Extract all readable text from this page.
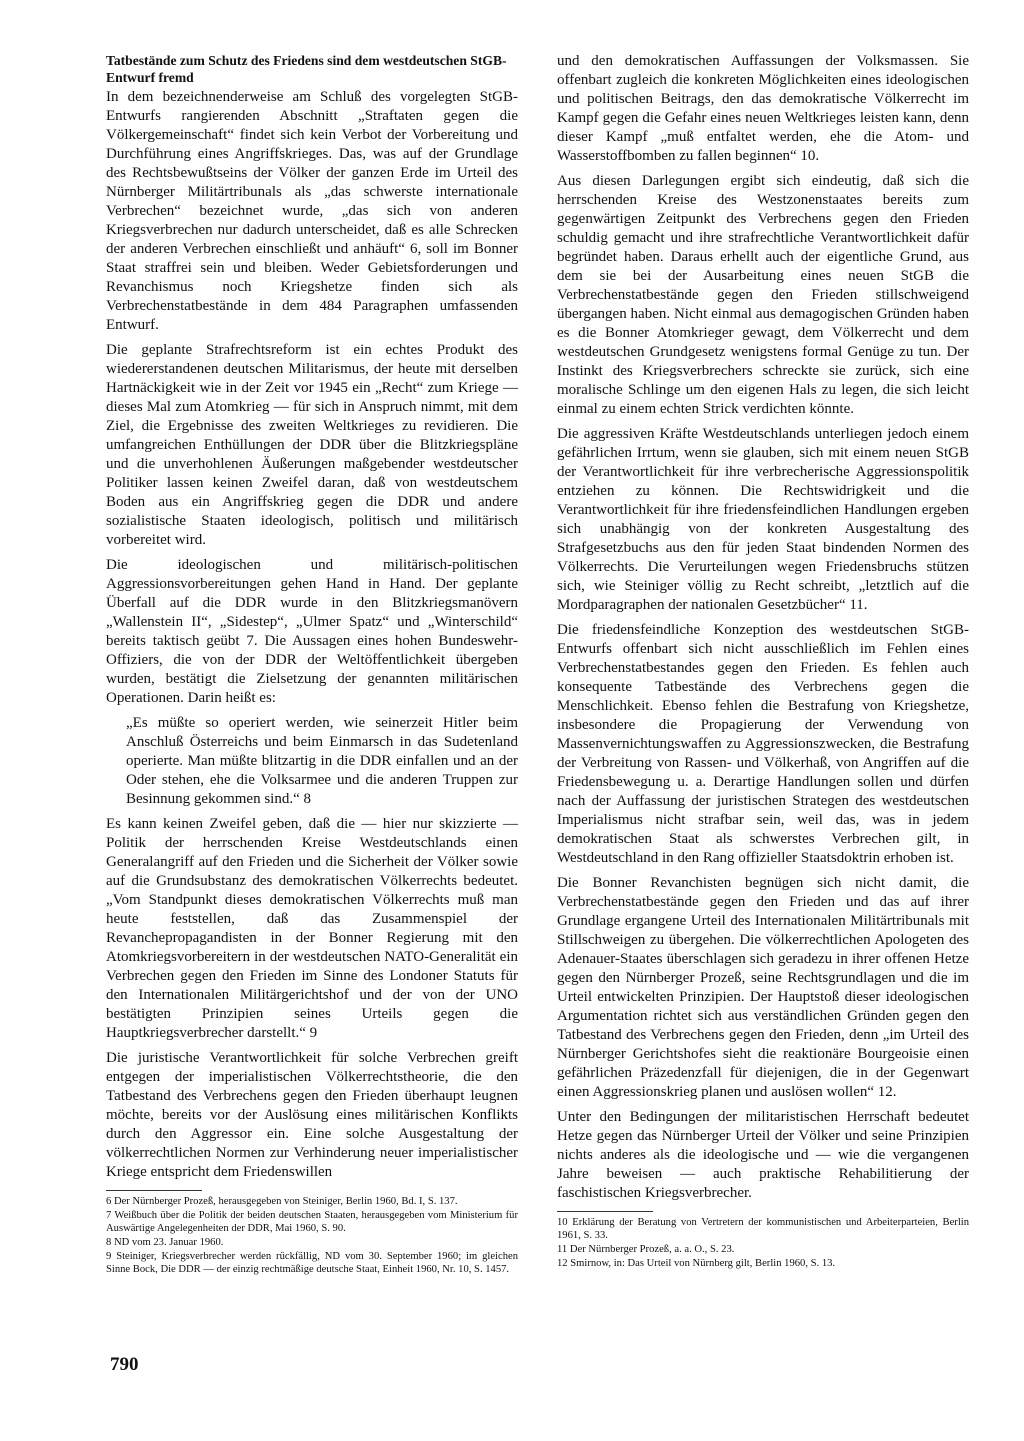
Tatbestände zum Schutz des Friedens sind dem westdeutschen StGB-Entwurf fremd

In dem bezeichnenderweise am Schluß des vorgelegten StGB-Entwurfs rangierenden Abschnitt „Straftaten gegen die Völkergemeinschaft“ findet sich kein Verbot der Vorbereitung und Durchführung eines Angriffskrieges. Das, was auf der Grundlage des Rechtsbewußtseins der Völker der ganzen Erde im Urteil des Nürnberger Militärtribunals als „das schwerste internationale Verbrechen“ bezeichnet wurde, „das sich von anderen Kriegsverbrechen nur dadurch unterscheidet, daß es alle Schrecken der anderen Verbrechen einschließt und anhäuft“ 6, soll im Bonner Staat straffrei sein und bleiben. Weder Gebietsforderungen und Revanchismus noch Kriegshetze finden sich als Verbrechenstatbestände in dem 484 Paragraphen umfassenden Entwurf.

Die geplante Strafrechtsreform ist ein echtes Produkt des wiedererstandenen deutschen Militarismus, der heute mit derselben Hartnäckigkeit wie in der Zeit vor 1945 ein „Recht“ zum Kriege — dieses Mal zum Atomkrieg — für sich in Anspruch nimmt, mit dem Ziel, die Ergebnisse des zweiten Weltkrieges zu revidieren. Die umfangreichen Enthüllungen der DDR über die Blitzkriegspläne und die unverhohlenen Äußerungen maßgebender westdeutscher Politiker lassen keinen Zweifel daran, daß von westdeutschem Boden aus ein Angriffskrieg gegen die DDR und andere sozialistische Staaten ideologisch, politisch und militärisch vorbereitet wird.

Die ideologischen und militärisch-politischen Aggressionsvorbereitungen gehen Hand in Hand. Der geplante Überfall auf die DDR wurde in den Blitzkriegsmanövern „Wallenstein II“, „Sidestep“, „Ulmer Spatz“ und „Winterschild“ bereits taktisch geübt 7. Die Aussagen eines hohen Bundeswehr-Offiziers, die von der DDR der Weltöffentlichkeit übergeben wurden, bestätigt die Zielsetzung der genannten militärischen Operationen. Darin heißt es:

„Es müßte so operiert werden, wie seinerzeit Hitler beim Anschluß Österreichs und beim Einmarsch in das Sudetenland operierte. Man müßte blitzartig in die DDR einfallen und an der Oder stehen, ehe die Volksarmee und die anderen Truppen zur Besinnung gekommen sind.“ 8

Es kann keinen Zweifel geben, daß die — hier nur skizzierte — Politik der herrschenden Kreise Westdeutschlands einen Generalangriff auf den Frieden und die Sicherheit der Völker sowie auf die Grundsubstanz des demokratischen Völkerrechts bedeutet. „Vom Standpunkt dieses demokratischen Völkerrechts muß man heute feststellen, daß das Zusammenspiel der Revanchepropagandisten in der Bonner Regierung mit den Atomkriegsvorbereitern in der westdeutschen NATO-Generalität ein Verbrechen gegen den Frieden im Sinne des Londoner Statuts für den Internationalen Militärgerichtshof und der von der UNO bestätigten Prinzipien seines Urteils gegen die Hauptkriegsverbrecher darstellt.“ 9

Die juristische Verantwortlichkeit für solche Verbrechen greift entgegen der imperialistischen Völkerrechtstheorie, die den Tatbestand des Verbrechens gegen den Frieden überhaupt leugnen möchte, bereits vor der Auslösung eines militärischen Konflikts durch den Aggressor ein. Eine solche Ausgestaltung der völkerrechtlichen Normen zur Verhinderung neuer imperialistischer Kriege entspricht dem Friedenswillen

6 Der Nürnberger Prozeß, herausgegeben von Steiniger, Berlin 1960, Bd. I, S. 137.

7 Weißbuch über die Politik der beiden deutschen Staaten, herausgegeben vom Ministerium für Auswärtige Angelegenheiten der DDR, Mai 1960, S. 90.

8 ND vom 23. Januar 1960.

9 Steiniger, Kriegsverbrecher werden rückfällig, ND vom 30. September 1960; im gleichen Sinne Bock, Die DDR — der einzig rechtmäßige deutsche Staat, Einheit 1960, Nr. 10, S. 1457.

und den demokratischen Auffassungen der Volksmassen. Sie offenbart zugleich die konkreten Möglichkeiten eines ideologischen und politischen Beitrags, den das demokratische Völkerrecht im Kampf gegen die Gefahr eines neuen Weltkrieges leisten kann, denn dieser Kampf „muß entfaltet werden, ehe die Atom- und Wasserstoffbomben zu fallen beginnen“ 10.

Aus diesen Darlegungen ergibt sich eindeutig, daß sich die herrschenden Kreise des Westzonenstaates bereits zum gegenwärtigen Zeitpunkt des Verbrechens gegen den Frieden schuldig gemacht und ihre strafrechtliche Verantwortlichkeit dafür begründet haben. Daraus erhellt auch der eigentliche Grund, aus dem sie bei der Ausarbeitung eines neuen StGB die Verbrechenstatbestände gegen den Frieden stillschweigend übergangen haben. Nicht einmal aus demagogischen Gründen haben es die Bonner Atomkrieger gewagt, dem Völkerrecht und dem westdeutschen Grundgesetz wenigstens formal Genüge zu tun. Der Instinkt des Kriegsverbrechers schreckte sie zurück, sich eine moralische Schlinge um den eigenen Hals zu legen, die sich leicht einmal zu einem echten Strick verdichten könnte.

Die aggressiven Kräfte Westdeutschlands unterliegen jedoch einem gefährlichen Irrtum, wenn sie glauben, sich mit einem neuen StGB der Verantwortlichkeit für ihre verbrecherische Aggressionspolitik entziehen zu können. Die Rechtswidrigkeit und die Verantwortlichkeit für ihre friedensfeindlichen Handlungen ergeben sich unabhängig von der konkreten Ausgestaltung des Strafgesetzbuchs aus den für jeden Staat bindenden Normen des Völkerrechts. Die Verurteilungen wegen Friedensbruchs stützen sich, wie Steiniger völlig zu Recht schreibt, „letztlich auf die Mordparagraphen der nationalen Gesetzbücher“ 11.

Die friedensfeindliche Konzeption des westdeutschen StGB-Entwurfs offenbart sich nicht ausschließlich im Fehlen eines Verbrechenstatbestandes gegen den Frieden. Es fehlen auch konsequente Tatbestände des Verbrechens gegen die Menschlichkeit. Ebenso fehlen die Bestrafung von Kriegshetze, insbesondere die Propagierung der Verwendung von Massenvernichtungswaffen zu Aggressionszwecken, die Bestrafung der Verbreitung von Rassen- und Völkerhaß, von Angriffen auf die Friedensbewegung u. a. Derartige Handlungen sollen und dürfen nach der Auffassung der juristischen Strategen des westdeutschen Imperialismus nicht strafbar sein, weil das, was in jedem demokratischen Staat als schwerstes Verbrechen gilt, in Westdeutschland in den Rang offizieller Staatsdoktrin erhoben ist.

Die Bonner Revanchisten begnügen sich nicht damit, die Verbrechenstatbestände gegen den Frieden und das auf ihrer Grundlage ergangene Urteil des Internationalen Militärtribunals mit Stillschweigen zu übergehen. Die völkerrechtlichen Apologeten des Adenauer-Staates überschlagen sich geradezu in ihrer offenen Hetze gegen den Nürnberger Prozeß, seine Rechtsgrundlagen und die im Urteil entwickelten Prinzipien. Der Hauptstoß dieser ideologischen Argumentation richtet sich aus verständlichen Gründen gegen den Tatbestand des Verbrechens gegen den Frieden, denn „im Urteil des Nürnberger Gerichtshofes sieht die reaktionäre Bourgeoisie einen gefährlichen Präzedenzfall für diejenigen, die in der Gegenwart einen Aggressionskrieg planen und auslösen wollen“ 12.

Unter den Bedingungen der militaristischen Herrschaft bedeutet Hetze gegen das Nürnberger Urteil der Völker und seine Prinzipien nichts anderes als die ideologische und — wie die vergangenen Jahre beweisen — auch praktische Rehabilitierung der faschistischen Kriegsverbrecher.

10 Erklärung der Beratung von Vertretern der kommunistischen und Arbeiterparteien, Berlin 1961, S. 33.

11 Der Nürnberger Prozeß, a. a. O., S. 23.

12 Smirnow, in: Das Urteil von Nürnberg gilt, Berlin 1960, S. 13.

790
